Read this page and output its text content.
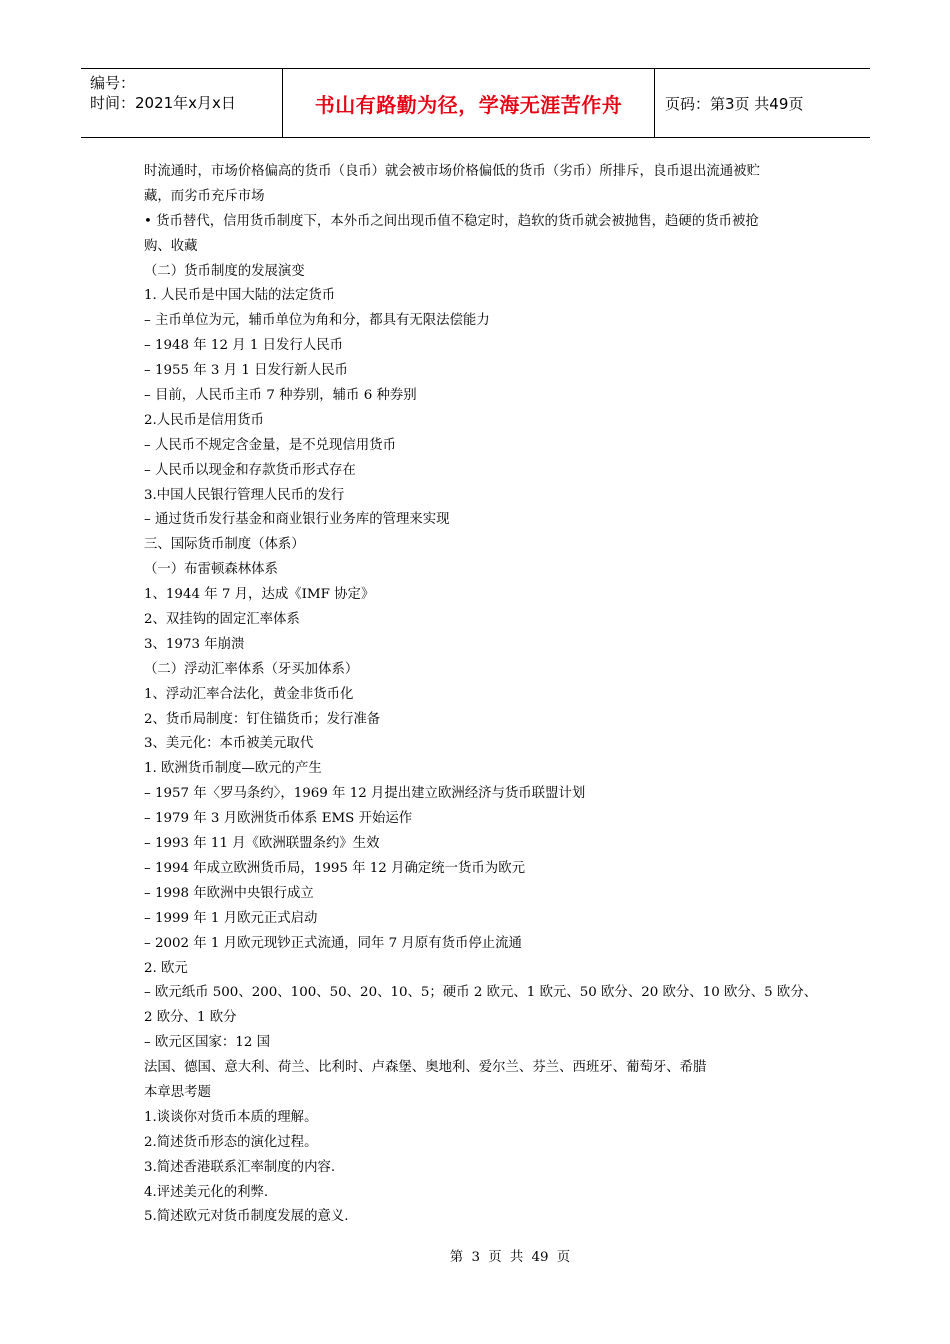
编号：
时间：2021年x月x日	书山有路勤为径，学海无涯苦作舟	页码：第3页 共49页
时流通时，市场价格偏高的货币（良币）就会被市场价格偏低的货币（劣币）所排斥，良币退出流通被贮
藏，而劣币充斥市场
• 货币替代，信用货币制度下，本外币之间出现币值不稳定时，趋软的货币就会被抛售，趋硬的货币被抢
购、收藏
（二）货币制度的发展演变
1. 人民币是中国大陆的法定货币
– 主币单位为元，辅币单位为角和分，都具有无限法偿能力
– 1948 年 12 月 1 日发行人民币
– 1955 年 3 月 1 日发行新人民币
– 目前，人民币主币 7 种券别，辅币 6 种券别
2.人民币是信用货币
– 人民币不规定含金量，是不兑现信用货币
– 人民币以现金和存款货币形式存在
3.中国人民银行管理人民币的发行
– 通过货币发行基金和商业银行业务库的管理来实现
三、国际货币制度（体系）
（一）布雷顿森林体系
1、1944 年 7 月，达成《IMF 协定》
2、双挂钩的固定汇率体系
3、1973 年崩溃
（二）浮动汇率体系（牙买加体系）
1、浮动汇率合法化，黄金非货币化
2、货币局制度：钉住锚货币；发行准备
3、美元化：本币被美元取代
1. 欧洲货币制度—欧元的产生
– 1957 年〈罗马条约〉，1969 年 12 月提出建立欧洲经济与货币联盟计划
– 1979 年 3 月欧洲货币体系 EMS 开始运作
– 1993 年 11 月《欧洲联盟条约》生效
– 1994 年成立欧洲货币局，1995 年 12 月确定统一货币为欧元
– 1998 年欧洲中央银行成立
– 1999 年 1 月欧元正式启动
– 2002 年 1 月欧元现钞正式流通，同年 7 月原有货币停止流通
2. 欧元
– 欧元纸币 500、200、100、50、20、10、5；硬币 2 欧元、1 欧元、50 欧分、20 欧分、10 欧分、5 欧分、
2 欧分、1 欧分
– 欧元区国家：12 国
法国、德国、意大利、荷兰、比利时、卢森堡、奥地利、爱尔兰、芬兰、西班牙、葡萄牙、希腊
本章思考题
1.谈谈你对货币本质的理解。
2.简述货币形态的演化过程。
3.简述香港联系汇率制度的内容.
4.评述美元化的利弊.
5.简述欧元对货币制度发展的意义.
第 3 页 共 49 页
